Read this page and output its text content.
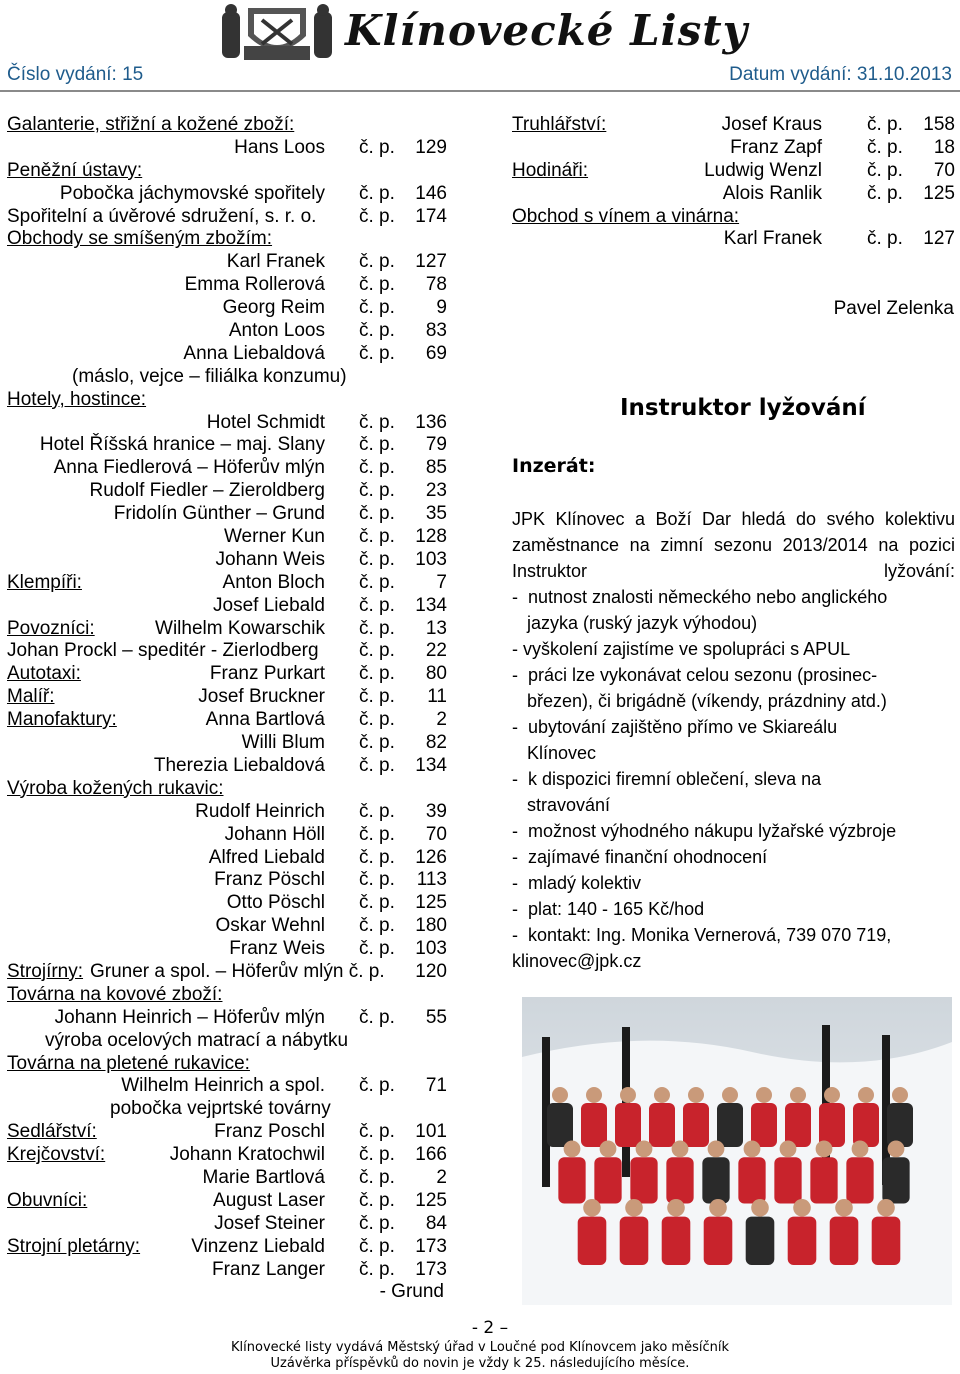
Klínovecké Listy
Číslo vydání: 15	Datum vydání: 31.10.2013
Galanterie, střižní a kožené zboží:
Hans Loos č. p. 129
Peněžní ústavy:
Pobočka jáchymovské spořitely č. p. 146
Spořitelní a úvěrové sdružení, s. r. o. č. p. 174
Obchody se smíšeným zbožím:
Karl Franek č. p. 127
Emma Rollerová č. p. 78
Georg Reim č. p. 9
Anton Loos č. p. 83
Anna Liebaldová č. p. 69
(máslo, vejce – filiálka konzumu)
Hotely, hostince:
Hotel Schmidt č. p. 136
Hotel Říšská hranice – maj. Slany č. p. 79
Anna Fiedlerová – Höferův mlýn č. p. 85
Rudolf Fiedler – Zieroldberg č. p. 23
Fridolín Günther – Grund č. p. 35
Werner Kun č. p. 128
Johann Weis č. p. 103
Klempíři:	Anton Bloch č. p. 7
Josef Liebald č. p. 134
Povozníci:	Wilhelm Kowarschik č. p. 13
Johan Prockl – speditér - Zierlodberg č. p. 22
Autotaxi:	Franz Purkart č. p. 80
Malíř:	Josef Bruckner č. p. 11
Manofaktury:	Anna Bartlová č. p. 2
Willi Blum č. p. 82
Therezia Liebaldová č. p. 134
Výroba kožených rukavic:
Rudolf Heinrich č. p. 39
Johann Höll č. p. 70
Alfred Liebald č. p. 126
Franz Pöschl č. p. 113
Otto Pöschl č. p. 125
Oskar Wehnl č. p. 180
Franz Weis č. p. 103
Strojírny: Gruner a spol. – Höferův mlýn č. p. 120
Továrna na kovové zboží:
Johann Heinrich – Höferův mlýn č. p. 55
výroba ocelových matrací a nábytku
Továrna na pletené rukavice:
Wilhelm Heinrich a spol. č. p. 71
pobočka vejprtské továrny
Sedlářství:	Franz Poschl č. p. 101
Krejčovství:	Johann Kratochwil č. p. 166
Marie Bartlová č. p. 2
Obuvníci:	August Laser č. p. 125
Josef Steiner č. p. 84
Strojní pletárny:	Vinzenz Liebald č. p. 173
Franz Langer č. p. 173
- Grund
Truhlářství:	Josef Kraus č. p. 158
Franz Zapf č. p. 18
Hodináři:	Ludwig Wenzl č. p. 70
Alois Ranlik č. p. 125
Obchod s vínem a vinárna:
Karl Franek č. p. 127
Pavel Zelenka
Instruktor lyžování
Inzerát:
JPK Klínovec a Boží Dar hledá do svého kolektivu zaměstnance na zimní sezonu 2013/2014 na pozici Instruktor lyžování:
-  nutnost znalosti německého nebo anglického
jazyka (ruský jazyk výhodou)
- vyškolení zajistíme ve spolupráci s APUL
-  práci lze vykonávat celou sezonu (prosinec-
březen), či brigádně (víkendy, prázdniny atd.)
-  ubytování zajištěno přímo ve Skiareálu
Klínovec
-  k dispozici firemní oblečení, sleva na
stravování
-  možnost výhodného nákupu lyžařské výzbroje
-  zajímavé finanční ohodnocení
-  mladý kolektiv
-  plat: 140 - 165 Kč/hod
-  kontakt: Ing. Monika Vernerová, 739 070 719,
klinovec@jpk.cz
- 2 –
Klínovecké listy vydává Městský úřad v Loučné pod Klínovcem jako měsíčník
Uzávěrka příspěvků do novin je vždy k 25. následujícího měsíce.
